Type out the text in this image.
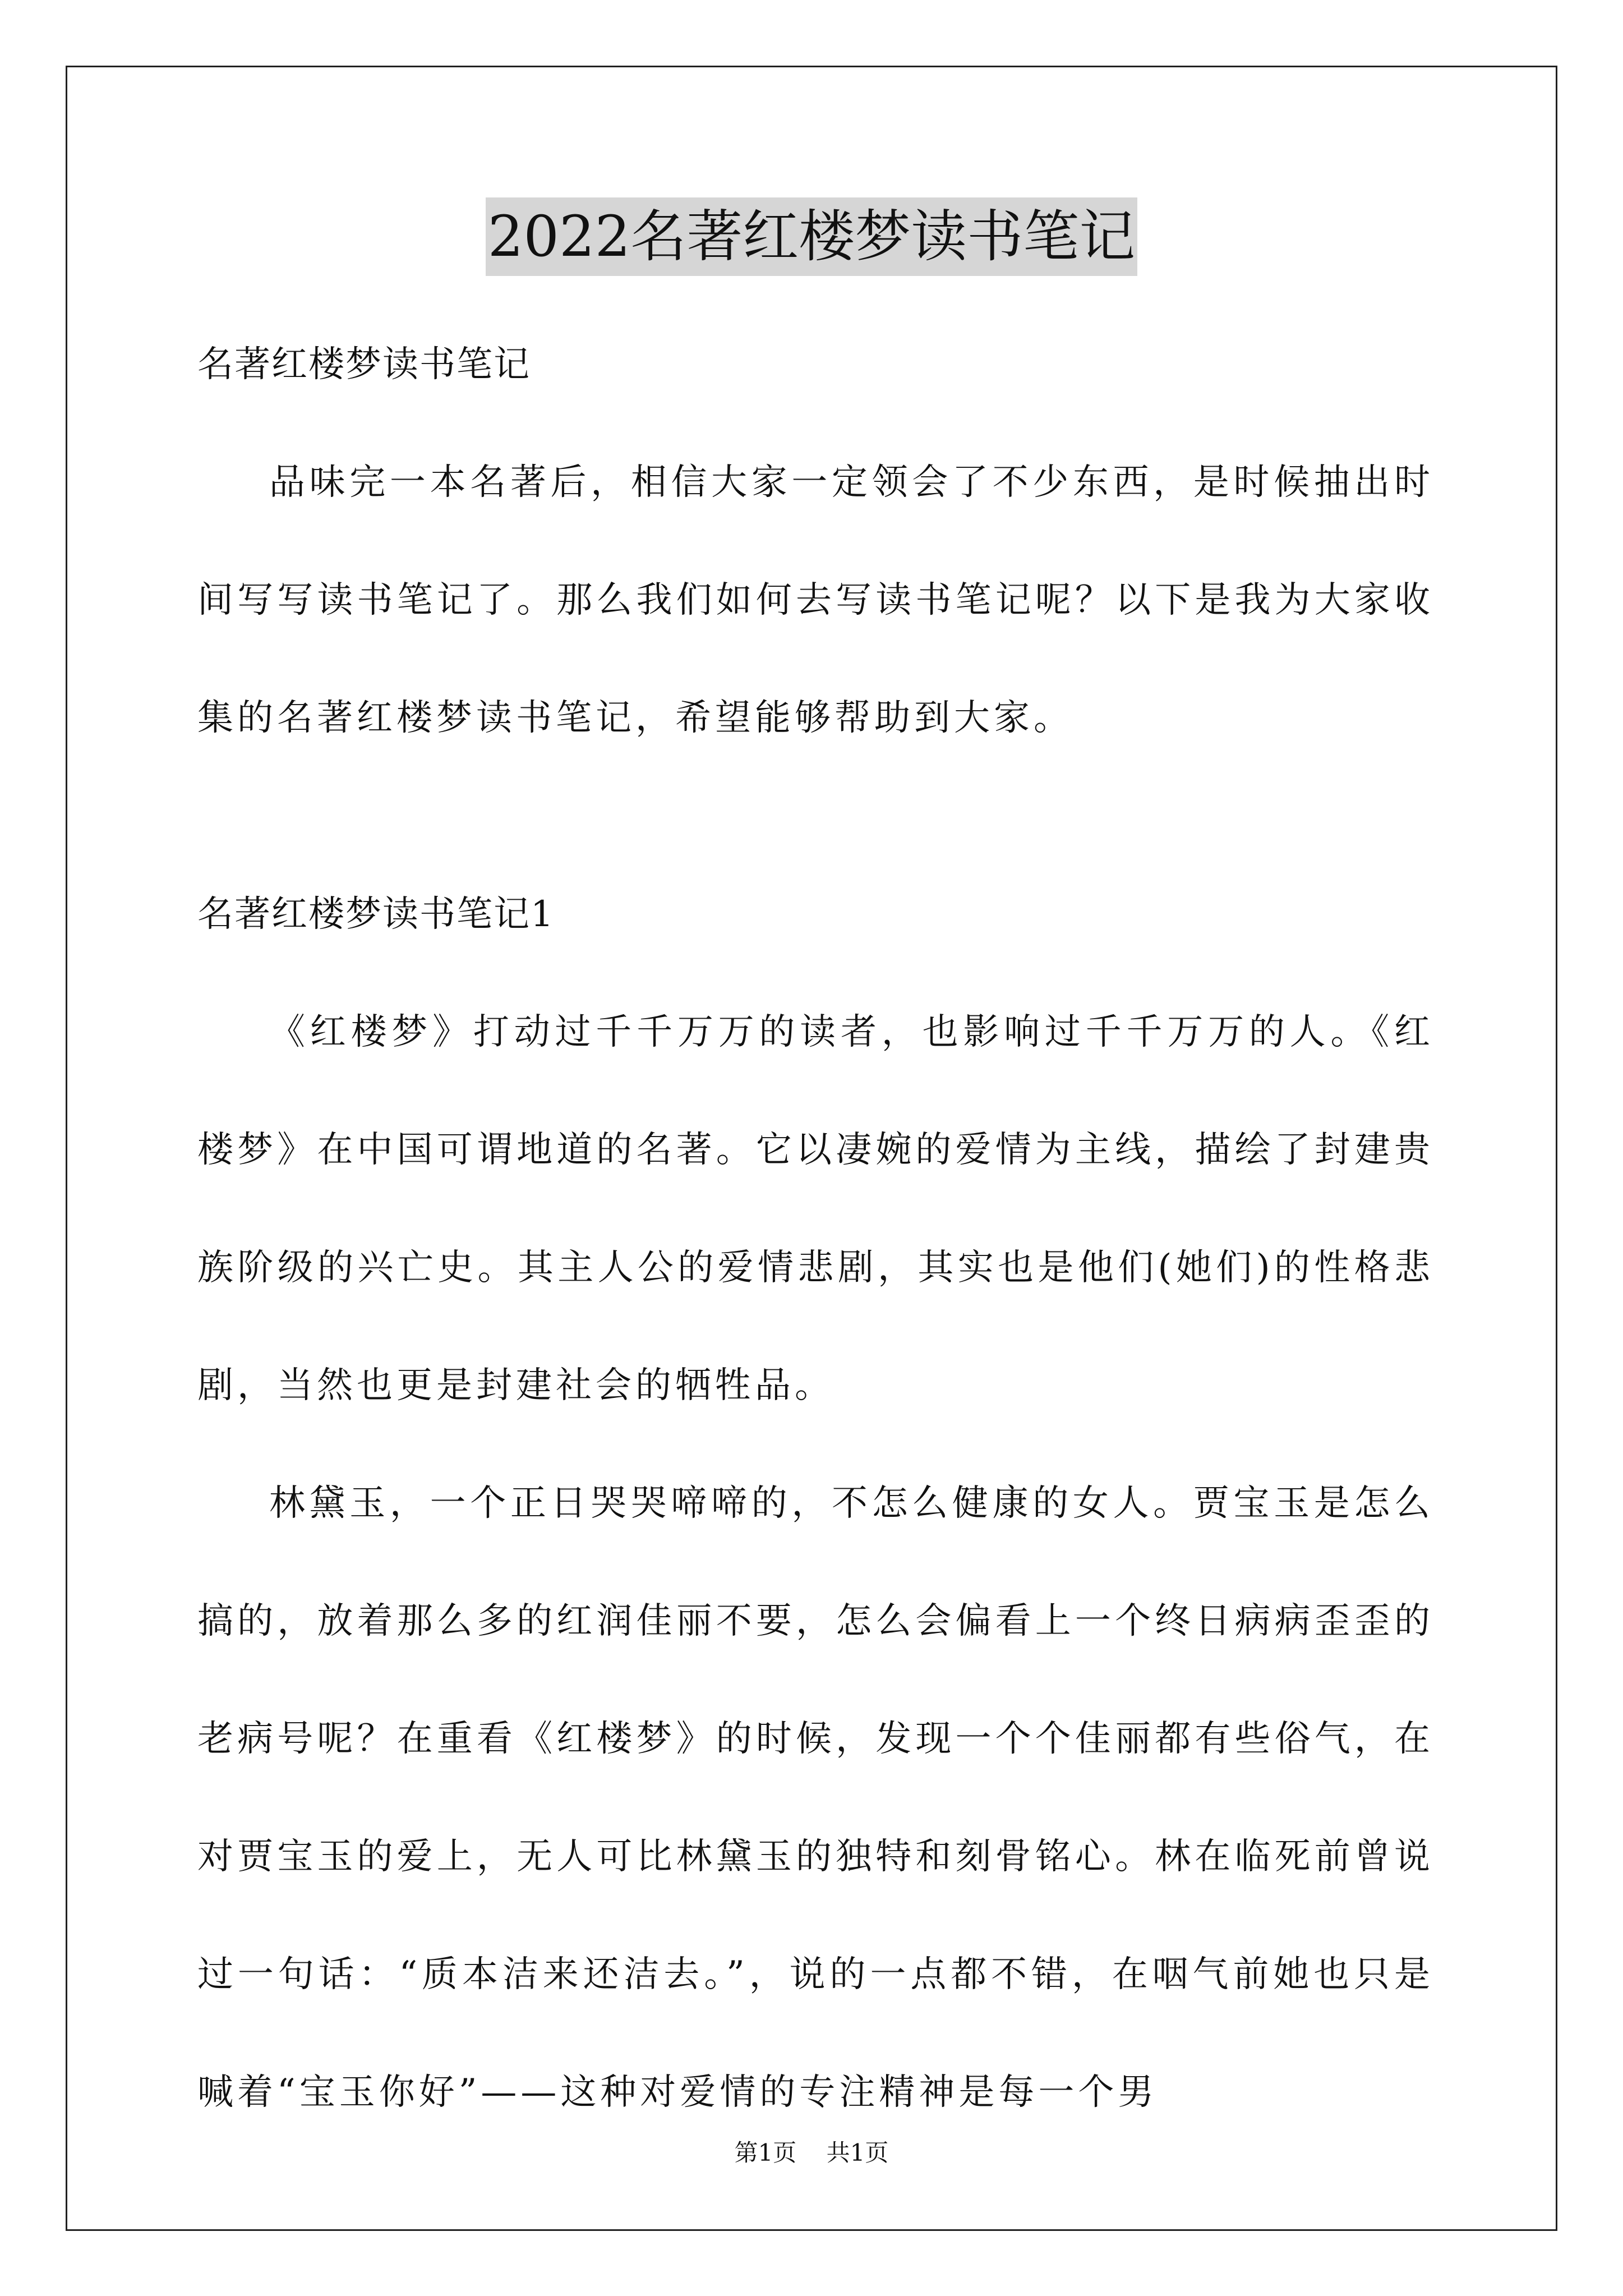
2022名著红楼梦读书笔记

名著红楼梦读书笔记

品味完一本名著后，相信大家一定领会了不少东西，是时候抽出时间写写读书笔记了。那么我们如何去写读书笔记呢？以下是我为大家收集的名著红楼梦读书笔记，希望能够帮助到大家。

名著红楼梦读书笔记1

《红楼梦》打动过千千万万的读者，也影响过千千万万的人。《红楼梦》在中国可谓地道的名著。它以凄婉的爱情为主线，描绘了封建贵族阶级的兴亡史。其主人公的爱情悲剧，其实也是他们(她们)的性格悲剧，当然也更是封建社会的牺牲品。

林黛玉，一个正日哭哭啼啼的，不怎么健康的女人。贾宝玉是怎么搞的，放着那么多的红润佳丽不要，怎么会偏看上一个终日病病歪歪的老病号呢？在重看《红楼梦》的时候，发现一个个佳丽都有些俗气，在对贾宝玉的爱上，无人可比林黛玉的独特和刻骨铭心。林在临死前曾说过一句话：“质本洁来还洁去。”，说的一点都不错，在咽气前她也只是喊着“宝玉你好”——这种对爱情的专注精神是每一个男

第1页 共1页
